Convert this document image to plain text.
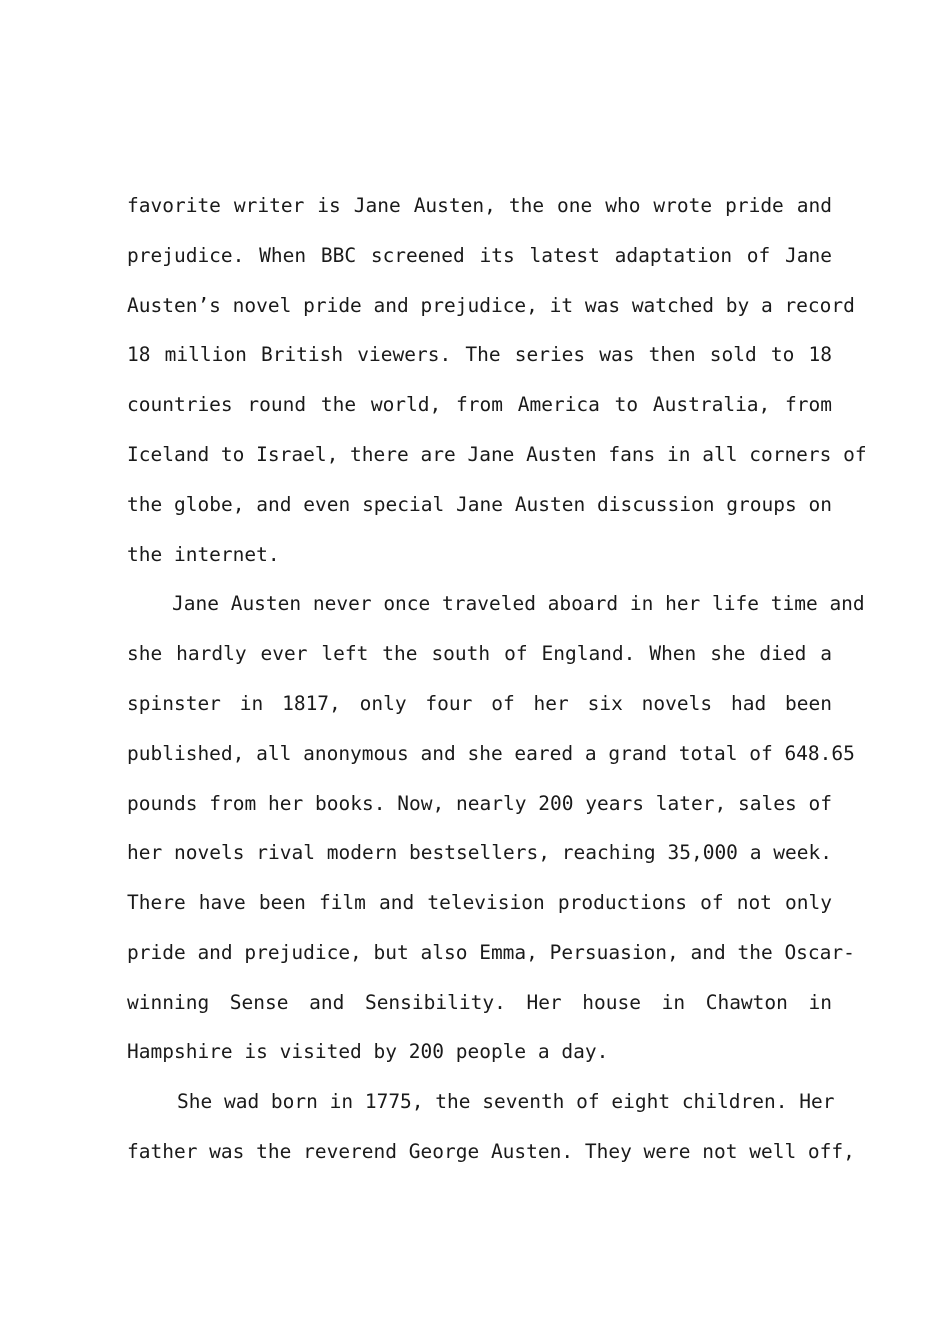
favorite writer is Jane Austen, the one who wrote pride and
prejudice. When BBC screened its latest adaptation of Jane
Austen’s novel pride and prejudice, it was watched by a record
18 million British viewers. The series was then sold to 18
countries round the world, from America to Australia, from
Iceland to Israel, there are Jane Austen fans in all corners of
the globe, and even special Jane Austen discussion groups on
the internet.
Jane Austen never once traveled aboard in her life time and
she hardly ever left the south of England. When she died a
spinster in 1817, only four of her six novels had been
published, all anonymous and she eared a grand total of 648.65
pounds from her books. Now, nearly 200 years later, sales of
her novels rival modern bestsellers, reaching 35,000 a week.
There have been film and television productions of not only
pride and prejudice, but also Emma, Persuasion, and the Oscar-
winning Sense and Sensibility. Her house in Chawton in
Hampshire is visited by 200 people a day.
She wad born in 1775, the seventh of eight children. Her
father was the reverend George Austen. They were not well off,
